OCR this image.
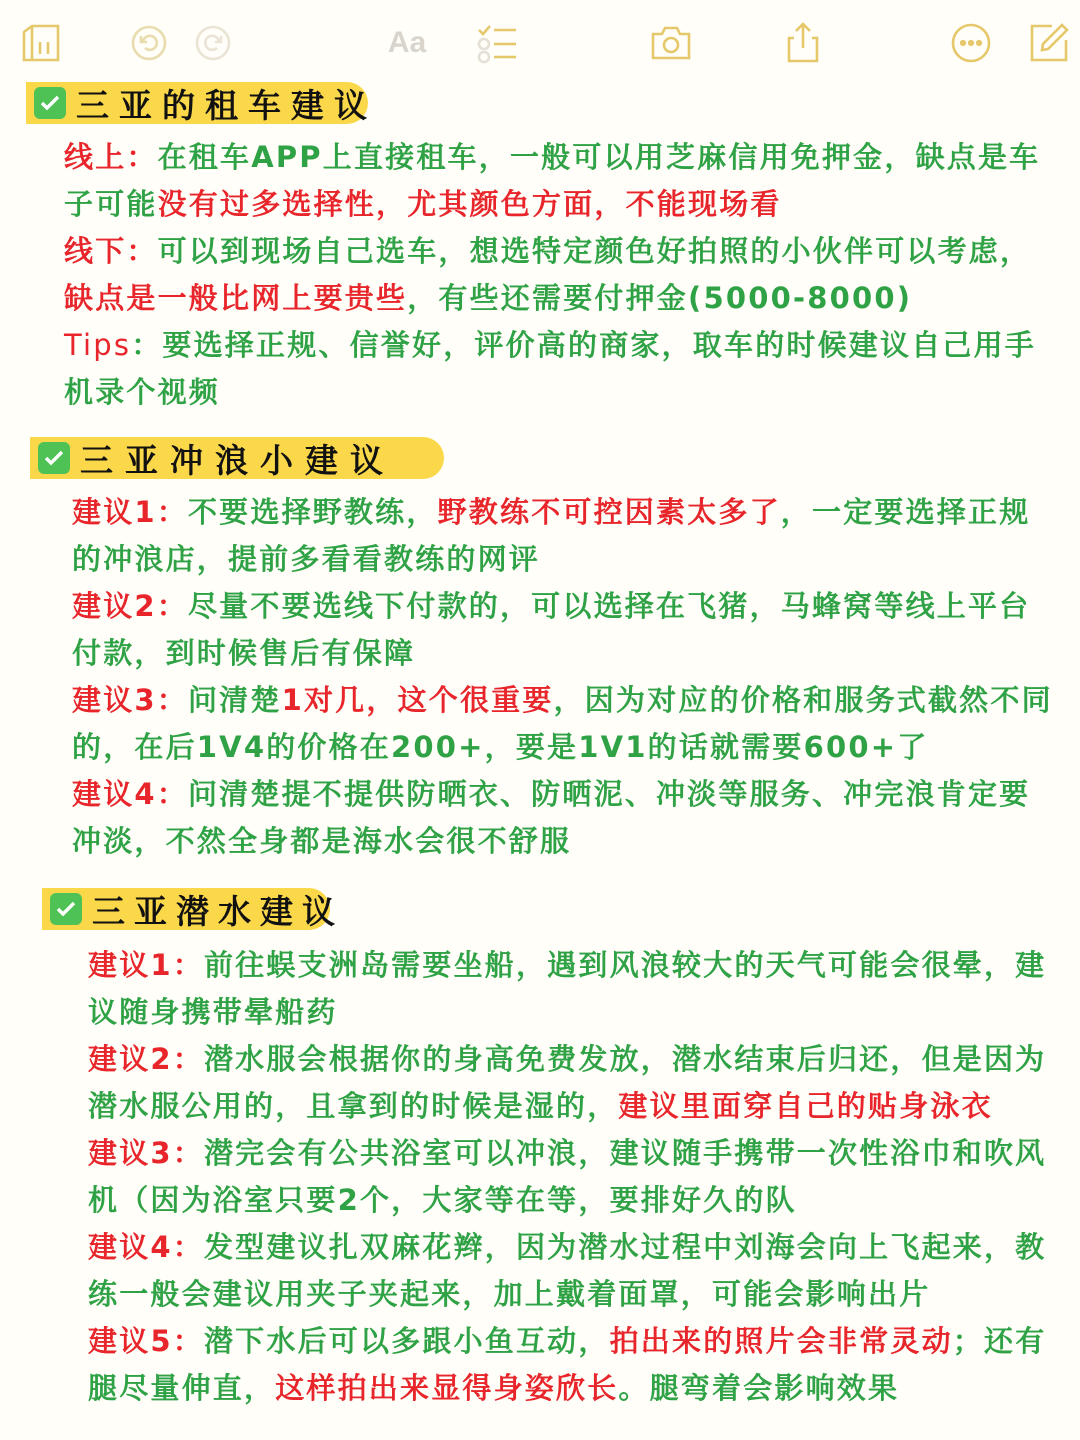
Aa
三亚的租车建议
线上：在租车APP上直接租车，一般可以用芝麻信用免押金，缺点是车子可能没有过多选择性，尤其颜色方面，不能现场看
线下：可以到现场自己选车，想选特定颜色好拍照的小伙伴可以考虑，缺点是一般比网上要贵些，有些还需要付押金(5000-8000)
Tips：要选择正规、信誉好，评价高的商家，取车的时候建议自己用手机录个视频
三亚冲浪小建议
建议1：不要选择野教练，野教练不可控因素太多了，一定要选择正规的冲浪店，提前多看看教练的网评
建议2：尽量不要选线下付款的，可以选择在飞猪，马蜂窝等线上平台付款，到时候售后有保障
建议3：问清楚1对几，这个很重要，因为对应的价格和服务式截然不同的，在后1V4的价格在200+，要是1V1的话就需要600+了
建议4：问清楚提不提供防晒衣、防晒泥、冲淡等服务、冲完浪肯定要冲淡，不然全身都是海水会很不舒服
三亚潜水建议
建议1：前往蜈支洲岛需要坐船，遇到风浪较大的天气可能会很晕，建议随身携带晕船药
建议2：潜水服会根据你的身高免费发放，潜水结束后归还，但是因为潜水服公用的，且拿到的时候是湿的，建议里面穿自己的贴身泳衣
建议3：潜完会有公共浴室可以冲浪，建议随手携带一次性浴巾和吹风机（因为浴室只要2个，大家等在等，要排好久的队
建议4：发型建议扎双麻花辫，因为潜水过程中刘海会向上飞起来，教练一般会建议用夹子夹起来，加上戴着面罩，可能会影响出片
建议5：潜下水后可以多跟小鱼互动，拍出来的照片会非常灵动；还有腿尽量伸直，这样拍出来显得身姿欣长。腿弯着会影响效果
